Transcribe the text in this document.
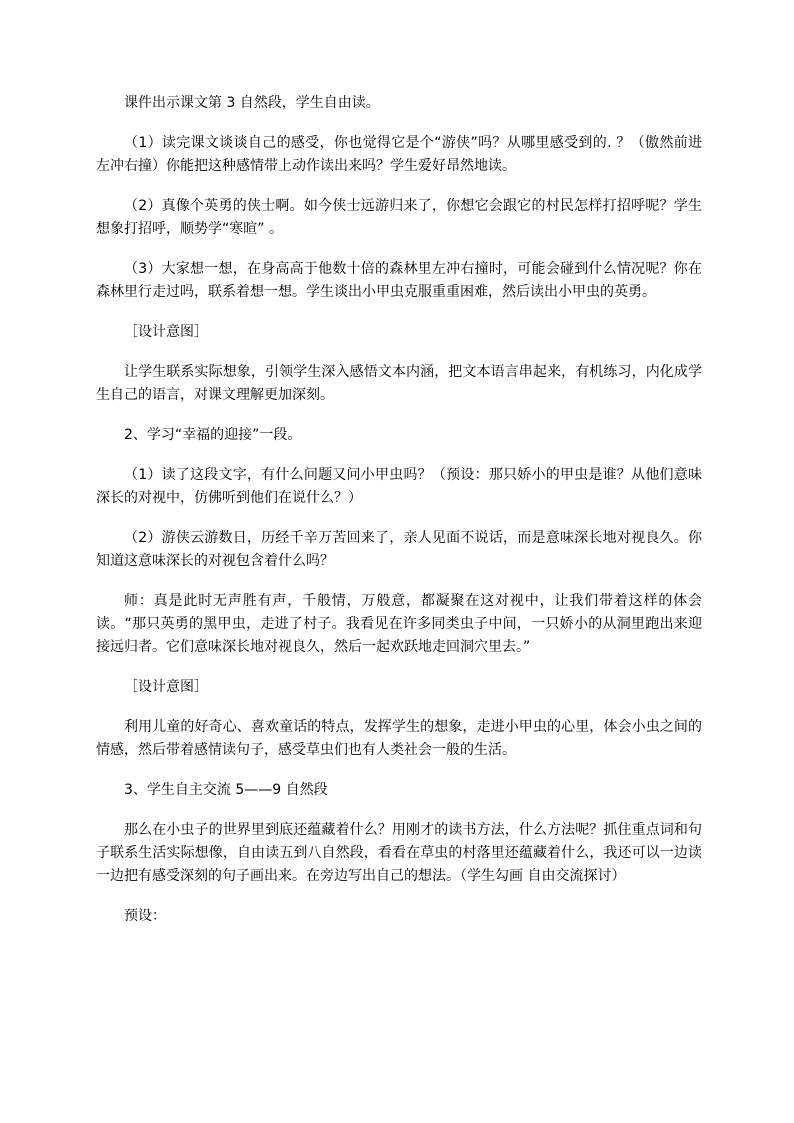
课件出示课文第 3 自然段，学生自由读。

（1）读完课文谈谈自己的感受，你也觉得它是个“游侠”吗？从哪里感受到的. ？（傲然前进 左冲右撞）你能把这种感情带上动作读出来吗？学生爱好昂然地读。

（2）真像个英勇的侠士啊。如今侠士远游归来了，你想它会跟它的村民怎样打招呼呢？学生想象打招呼，顺势学“寒暄” 。

（3）大家想一想，在身高高于他数十倍的森林里左冲右撞时，可能会碰到什么情况呢？你在森林里行走过吗，联系着想一想。学生谈出小甲虫克服重重困难，然后读出小甲虫的英勇。

［设计意图］

让学生联系实际想象，引领学生深入感悟文本内涵，把文本语言串起来，有机练习，内化成学生自己的语言，对课文理解更加深刻。

2、学习“幸福的迎接”一段。

（1）读了这段文字，有什么问题又问小甲虫吗？（预设：那只娇小的甲虫是谁？从他们意味深长的对视中，仿佛听到他们在说什么？）

（2）游侠云游数日，历经千辛万苦回来了，亲人见面不说话，而是意味深长地对视良久。你知道这意味深长的对视包含着什么吗？

师：真是此时无声胜有声，千般情，万般意，都凝聚在这对视中，让我们带着这样的体会读。“那只英勇的黑甲虫，走进了村子。我看见在许多同类虫子中间，一只娇小的从洞里跑出来迎接远归者。它们意味深长地对视良久，然后一起欢跃地走回洞穴里去。”

［设计意图］

利用儿童的好奇心、喜欢童话的特点，发挥学生的想象，走进小甲虫的心里，体会小虫之间的情感，然后带着感情读句子，感受草虫们也有人类社会一般的生活。

3、学生自主交流 5——9 自然段

那么在小虫子的世界里到底还蕴藏着什么？用刚才的读书方法，什么方法呢？抓住重点词和句子联系生活实际想像，自由读五到八自然段，看看在草虫的村落里还蕴藏着什么，我还可以一边读一边把有感受深刻的句子画出来。在旁边写出自己的想法。（学生勾画 自由交流探讨）

预设：
